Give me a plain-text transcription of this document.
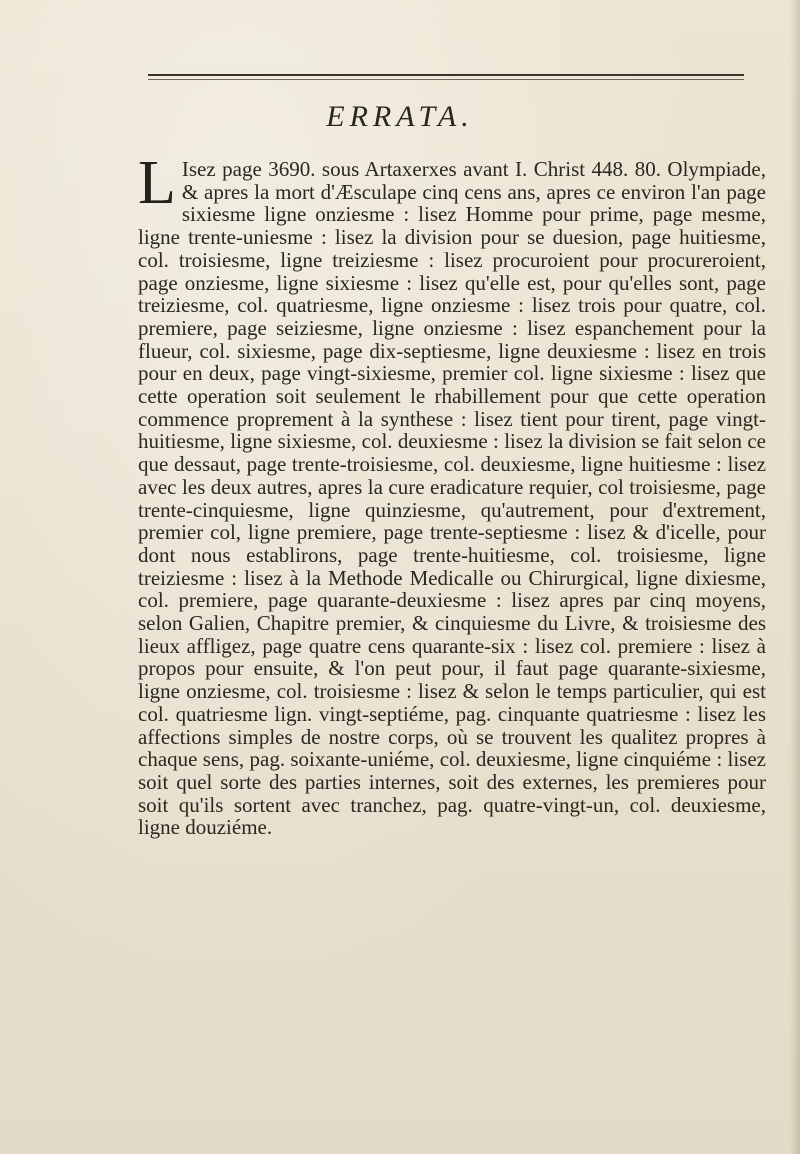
ERRATA.
L Isez page 3690. sous Artaxerxes avant I. Christ 448. 80. Olympiade, & apres la mort d'Æsculape cinq cens ans, apres ce environ l'an page sixiesme ligne onziesme : lisez Homme pour prime, page mesme, ligne trente-uniesme : lisez la division pour se duesion, page huitiesme, col. troisiesme, ligne treiziesme : lisez procuroient pour procureroient, page onziesme, ligne sixiesme : lisez qu'elle est, pour qu'elles sont, page treiziesme, col. quatriesme, ligne onziesme : lisez trois pour quatre, col. premiere, page seiziesme, ligne onziesme : lisez espanchement pour la flueur, col. sixiesme, page dix-septiesme, ligne deuxiesme : lisez en trois pour en deux, page vingt-sixiesme, premier col. ligne sixiesme : lisez que cette operation soit seulement le rhabillement pour que cette operation commence proprement à la synthese : lisez tient pour tirent, page vingt-huitiesme, ligne sixiesme, col. deuxiesme : lisez la division se fait selon ce que dessaut, page trente-troisiesme, col. deuxiesme, ligne huitiesme : lisez avec les deux autres, apres la cure eradicature requier, col troisiesme, page trente-cinquiesme, ligne quinziesme, qu'autrement, pour d'extrement, premier col, ligne premiere, page trente-septiesme : lisez & d'icelle, pour dont nous establirons, page trente-huitiesme, col. troisiesme, ligne treiziesme : lisez à la Methode Medicalle ou Chirurgical, ligne dixiesme, col. premiere, page quarante-deuxiesme : lisez apres par cinq moyens, selon Galien, Chapitre premier, & cinquiesme du Livre, & troisiesme des lieux affligez, page quatre cens quarante-six : lisez col. premiere : lisez à propos pour ensuite, & l'on peut pour, il faut page quarante-sixiesme, ligne onziesme, col. troisiesme : lisez & selon le temps particulier, qui est col. quatriesme lign. vingt-septiéme, pag. cinquante quatriesme : lisez les affections simples de nostre corps, où se trouvent les qualitez propres à chaque sens, pag. soixante-uniéme, col. deuxiesme, ligne cinquiéme : lisez soit quel sorte des parties internes, soit des externes, les premieres pour soit qu'ils sortent avec tranchez, pag. quatre-vingt-un, col. deuxiesme, ligne douziéme.
